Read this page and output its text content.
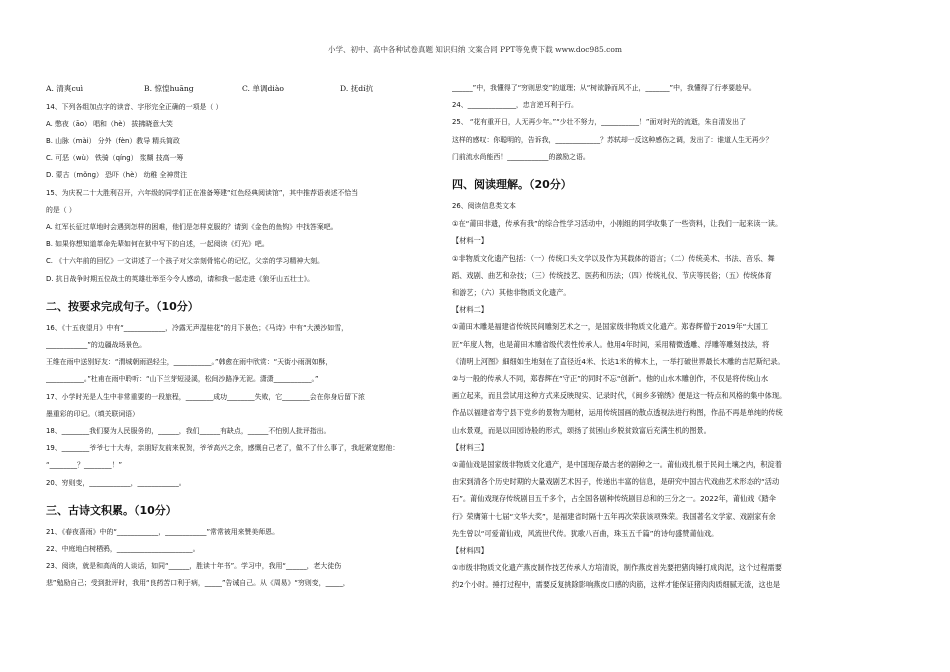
小学、初中、高中各种试卷真题 知识归纳 文案合同 PPT等免费下载 www.doc985.com
A. 清爽cuì	B. 惊惶huāng	C. 单调diào	D. 抚dí抗
14、下列各组加点字的读音、字形完全正确的一项是（ ）
A. 憋夜（āo） 唱和（hè） 拔拂晓意大笑
B. 山脉（mài） 分外（fèn）教导 精兵简政
C. 可恶（wù） 铁骑（qíng） 浆糊 技高一筹
D. 蒙古（mǒng） 恐吓（hè） 幼稚 全神贯注
15、为庆祝二十大胜利召开，六年级的同学们正在准备筹建“红色经典阅读馆”，其中推荐语表述不恰当
的是（ ）
A. 红军长征过草地时会遇到怎样的困难，他们是怎样克服的？请到《金色的鱼钩》中找答案吧。
B. 如果你想知道革命先辈如何在狱中写下的自述，一起阅读《灯光》吧。
C. 《十六年前的回忆》一文讲述了一个孩子对父亲刻骨铭心的记忆，父亲的学习精神大刻。
D. 抗日战争时期五位战士的英雄壮举至今令人感动，请和我一起走进《狼牙山五壮士》。
二、按要求完成句子。（10分）
16、《十五夜望月》中有“____________，冷露无声湿桂花”的月下景色；《马诗》中有“大漠沙如雪，
____________”的边疆战场景色。
王维在雨中送别好友：“渭城朝雨浥轻尘，___________。”韩愈在雨中欣赏：“天街小雨润如酥，
___________。”杜甫在雨中聆听：“山下兰芽短浸溪，松间沙路净无泥。潇潇___________。”
17、小学时光是人生中非常重要的一段旅程，________成功________失败，它________会在你身后留下浓
墨重彩的印记。（填关联词语）
18、________我们要为人民服务的，______，我们______有缺点，______不怕别人批评指出。
19、________爷爷七十大寿，亲朋好友前来祝贺，爷爷高兴之余，感慨自己老了，做不了什么事了，我赶紧宽慰他：
“________？________！”
20、穷则变，____________，____________。
三、古诗文积累。（10分）
21、《春夜喜雨》中的“____________，____________”常常被用来赞美师恩。
22、中庭地白树栖鸦，______________________。
23、阅读，就是和高尚的人谈话，如同“______，胜读十年书”。学习中，我用“______，老大徒伤
悲”勉励自己；受到批评时，我用“良药苦口利于病，_____”告诫自己。从《周易》“穷则变，_____，
______”中，我懂得了“穷则思变”的道理；从“树欲静而风不止，_______”中，我懂得了行孝要趁早。
24、______________，忠言逆耳利于行。
25、 “花有重开日，人无再少年。”“少壮不努力，___________！”面对时光的流逝，朱自清发出了
这样的感叹：你聪明的，告诉我，_____________？苏轼却一反这种感伤之调，发出了：谁道人生无再少？
门前流水尚能西！____________的激励之语。
四、阅读理解。（20分）
26、阅读信息类文本
①在“莆田非遗，传承有我”的综合性学习活动中，小刚组的同学收集了一些资料，让我们一起来读一读。
【材料一】
①非物质文化遗产包括：（一）传统口头文学以及作为其载体的语言；（二）传统美术、书法、音乐、舞
蹈、戏剧、曲艺和杂技；（三）传统技艺、医药和历法；（四）传统礼仪、节庆等民俗；（五）传统体育
和游艺；（六）其他非物质文化遗产。
【材料二】
①莆田木雕是福建省传统民间雕刻艺术之一，是国家级非物质文化遗产。郑春辉僧于2019年“大国工
匠”年度人物，也是莆田木雕省级代表性传承人。他用4年时间，采用精微透雕、浮雕等雕刻技法，将
《清明上河图》細细如生地刻在了直径近4米、长达1米的樟木上，一举打破世界最长木雕的吉尼斯纪录。
②与一般的传承人不同，郑春辉在“守正”的同时不忘“创新”。他的山水木雕创作，不仅是将传统山水
画立起来，而且尝试用这种方式来反映现实、记录时代，《闽乡多锦绣》便是这一特点和风格的集中体现。
作品以福建省寿宁县下党乡的景物为题材，运用传统国画的散点透视法进行构图，作品不再是单纯的传统
山水景观，而是以田园诗般的形式，颂扬了贫困山乡脱贫致富后充满生机的图景。
【材料三】
①莆仙戏是国家级非物质文化遗产，是中国现存最古老的剧种之一。莆仙戏扎根于民间土壤之内，积淀着
由宋到清各个历史时期的大量戏剧艺术因子，传递出丰富的信息，是研究中国古代戏曲艺术形态的“活动
石”。莆仙戏现存传统剧目五千多个，占全国各剧种传统剧目总和的三分之一。2022年，莆仙戏《踏伞
行》荣膺第十七届“文华大奖”，是福建省时隔十五年再次荣获该项殊荣。我国著名文学家、戏剧家有余
先生曾以“可爱莆仙戏，风流世代传。犹歌八百曲，珠玉五千篇”的诗句盛赞莆仙戏。
【材料四】
①市级非物质文化遗产燕皮制作技艺传承人方培清说，制作燕皮首先要把猪肉锤打成肉泥，这个过程需要
约2个小时。捶打过程中，需要反复挑除影响燕皮口感的肉筋，这样才能保证猪肉肉质细腻无渣，这也是
